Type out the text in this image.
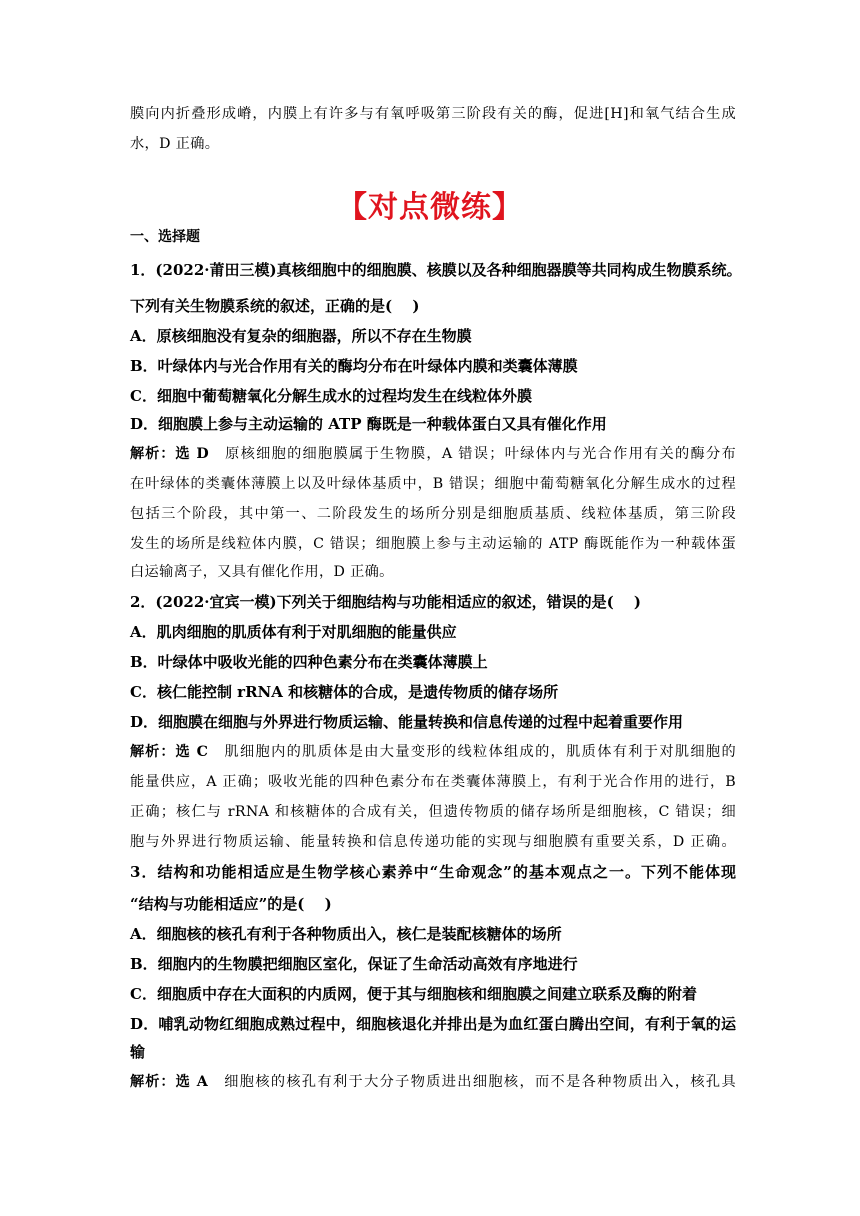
膜向内折叠形成嵴，内膜上有许多与有氧呼吸第三阶段有关的酶，促进[H]和氧气结合生成
水，D 正确。
【对点微练】
一、选择题
1．(2022·莆田三模)真核细胞中的细胞膜、核膜以及各种细胞器膜等共同构成生物膜系统。
下列有关生物膜系统的叙述，正确的是(　 )
A．原核细胞没有复杂的细胞器，所以不存在生物膜
B．叶绿体内与光合作用有关的酶均分布在叶绿体内膜和类囊体薄膜
C．细胞中葡萄糖氧化分解生成水的过程均发生在线粒体外膜
D．细胞膜上参与主动运输的 ATP 酶既是一种载体蛋白又具有催化作用
解析：选 D　原核细胞的细胞膜属于生物膜，A 错误；叶绿体内与光合作用有关的酶分布
在叶绿体的类囊体薄膜上以及叶绿体基质中，B 错误；细胞中葡萄糖氧化分解生成水的过程
包括三个阶段，其中第一、二阶段发生的场所分别是细胞质基质、线粒体基质，第三阶段
发生的场所是线粒体内膜，C 错误；细胞膜上参与主动运输的 ATP 酶既能作为一种载体蛋
白运输离子，又具有催化作用，D 正确。
2．(2022·宜宾一模)下列关于细胞结构与功能相适应的叙述，错误的是(　 )
A．肌肉细胞的肌质体有利于对肌细胞的能量供应
B．叶绿体中吸收光能的四种色素分布在类囊体薄膜上
C．核仁能控制 rRNA 和核糖体的合成，是遗传物质的储存场所
D．细胞膜在细胞与外界进行物质运输、能量转换和信息传递的过程中起着重要作用
解析：选 C　肌细胞内的肌质体是由大量变形的线粒体组成的，肌质体有利于对肌细胞的
能量供应，A 正确；吸收光能的四种色素分布在类囊体薄膜上，有利于光合作用的进行，B
正确；核仁与 rRNA 和核糖体的合成有关，但遗传物质的储存场所是细胞核，C 错误；细
胞与外界进行物质运输、能量转换和信息传递功能的实现与细胞膜有重要关系，D 正确。
3．结构和功能相适应是生物学核心素养中“生命观念”的基本观点之一。下列不能体现
“结构与功能相适应”的是(　 )
A．细胞核的核孔有利于各种物质出入，核仁是装配核糖体的场所
B．细胞内的生物膜把细胞区室化，保证了生命活动高效有序地进行
C．细胞质中存在大面积的内质网，便于其与细胞核和细胞膜之间建立联系及酶的附着
D．哺乳动物红细胞成熟过程中，细胞核退化并排出是为血红蛋白腾出空间，有利于氧的运
输
解析：选 A　细胞核的核孔有利于大分子物质进出细胞核，而不是各种物质出入，核孔具
